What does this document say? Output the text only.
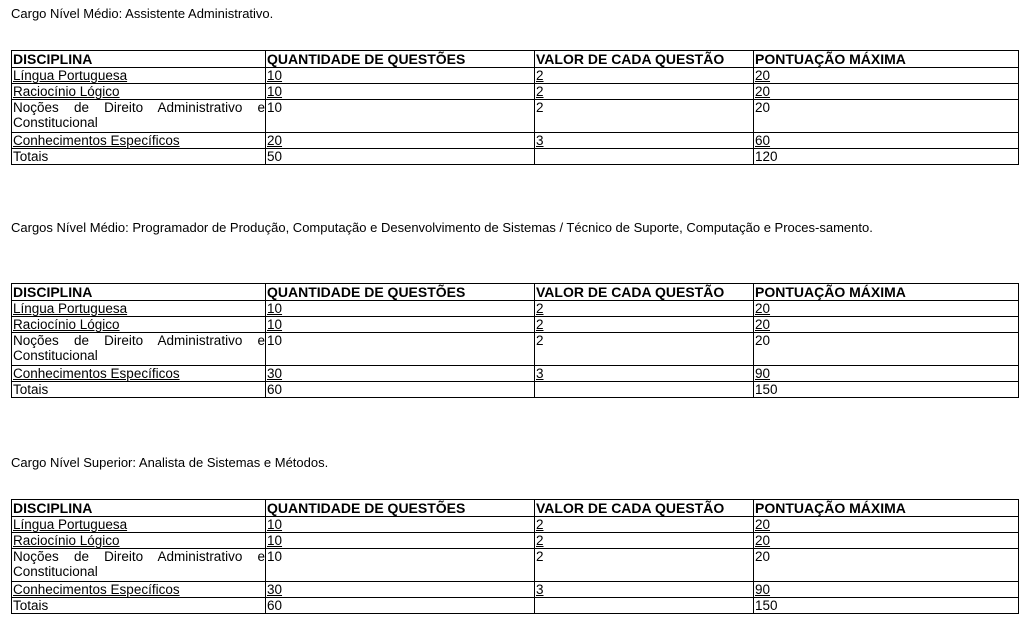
Cargo Nível Médio: Assistente Administrativo.
DISCIPLINA	QUANTIDADE DE QUESTÕES	VALOR DE CADA QUESTÃO	PONTUAÇÃO MÁXIMA
Língua Portuguesa	10	2	20
Raciocínio Lógico	10	2	20

Noções de Direito Administrativo e Constitucional	10	2	20
Conhecimentos Específicos	20	3	60
Totais	50		120
Cargos Nível Médio: Programador de Produção, Computação e Desenvolvimento de Sistemas / Técnico de Suporte, Computação e Proces-samento.
DISCIPLINA	QUANTIDADE DE QUESTÕES	VALOR DE CADA QUESTÃO	PONTUAÇÃO MÁXIMA
Língua Portuguesa	10	2	20
Raciocínio Lógico	10	2	20

Noções de Direito Administrativo e Constitucional	10	2	20
Conhecimentos Específicos	30	3	90
Totais	60		150
Cargo Nível Superior: Analista de Sistemas e Métodos.
DISCIPLINA	QUANTIDADE DE QUESTÕES	VALOR DE CADA QUESTÃO	PONTUAÇÃO MÁXIMA
Língua Portuguesa	10	2	20
Raciocínio Lógico	10	2	20

Noções de Direito Administrativo e Constitucional	10	2	20
Conhecimentos Específicos	30	3	90
Totais	60		150
